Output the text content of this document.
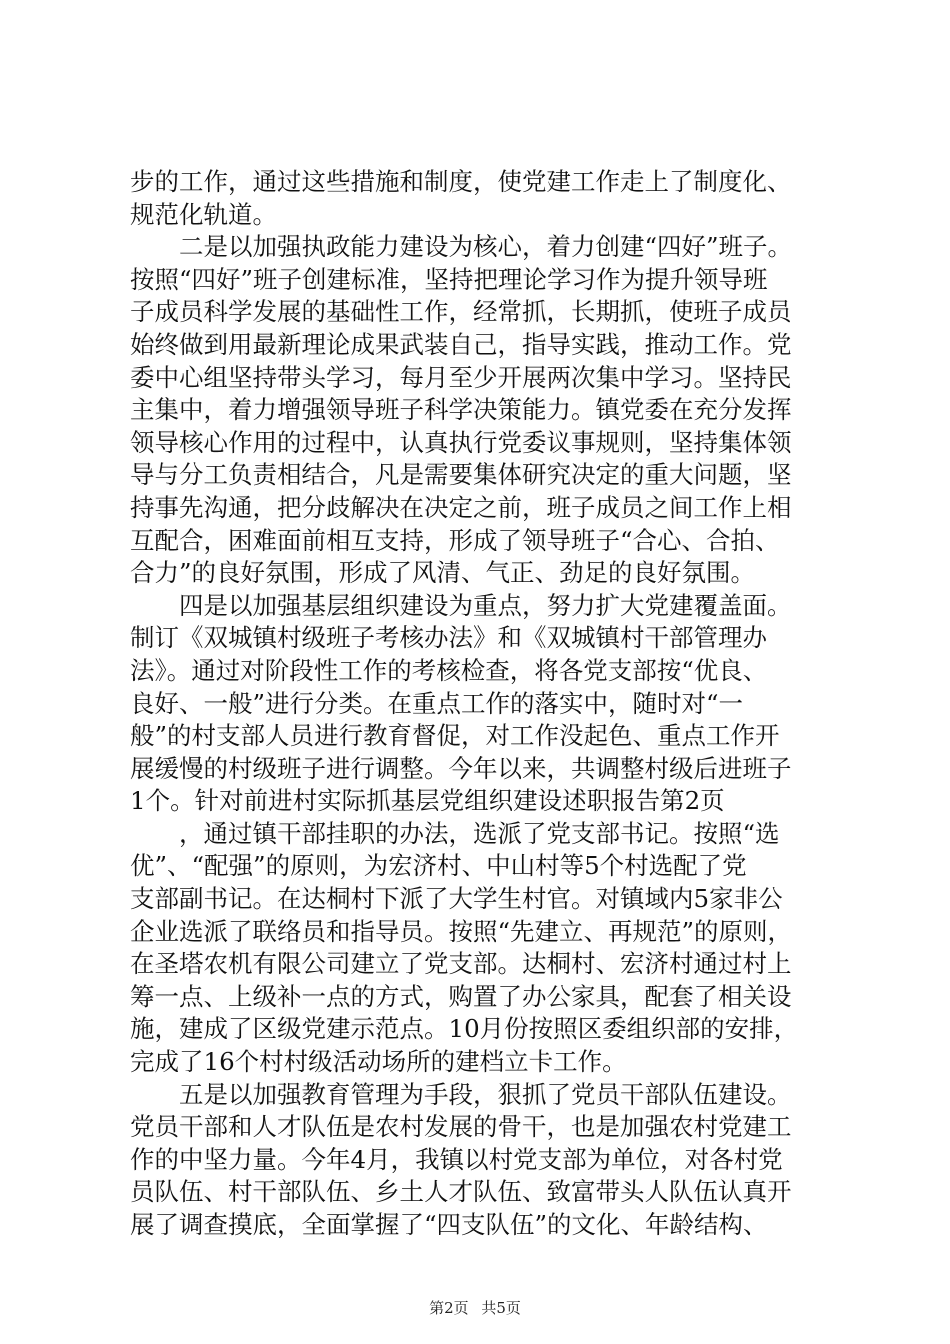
步的工作，通过这些措施和制度，使党建工作走上了制度化、
规范化轨道。
二是以加强执政能力建设为核心，着力创建“四好”班子。
按照“四好”班子创建标准，坚持把理论学习作为提升领导班
子成员科学发展的基础性工作，经常抓，长期抓，使班子成员
始终做到用最新理论成果武装自己，指导实践，推动工作。党
委中心组坚持带头学习，每月至少开展两次集中学习。坚持民
主集中，着力增强领导班子科学决策能力。镇党委在充分发挥
领导核心作用的过程中，认真执行党委议事规则，坚持集体领
导与分工负责相结合，凡是需要集体研究决定的重大问题，坚
持事先沟通，把分歧解决在决定之前，班子成员之间工作上相
互配合，困难面前相互支持，形成了领导班子“合心、合拍、
合力”的良好氛围，形成了风清、气正、劲足的良好氛围。
四是以加强基层组织建设为重点，努力扩大党建覆盖面。
制订《双城镇村级班子考核办法》和《双城镇村干部管理办
法》。通过对阶段性工作的考核检查，将各党支部按“优良、
良好、一般”进行分类。在重点工作的落实中，随时对“一
般”的村支部人员进行教育督促，对工作没起色、重点工作开
展缓慢的村级班子进行调整。今年以来，共调整村级后进班子
1个。针对前进村实际抓基层党组织建设述职报告第2页
，通过镇干部挂职的办法，选派了党支部书记。按照“选
优”、“配强”的原则，为宏济村、中山村等5个村选配了党
支部副书记。在达桐村下派了大学生村官。对镇域内5家非公
企业选派了联络员和指导员。按照“先建立、再规范”的原则，
在圣塔农机有限公司建立了党支部。达桐村、宏济村通过村上
筹一点、上级补一点的方式，购置了办公家具，配套了相关设
施，建成了区级党建示范点。10月份按照区委组织部的安排，
完成了16个村村级活动场所的建档立卡工作。
五是以加强教育管理为手段，狠抓了党员干部队伍建设。
党员干部和人才队伍是农村发展的骨干，也是加强农村党建工
作的中坚力量。今年4月，我镇以村党支部为单位，对各村党
员队伍、村干部队伍、乡土人才队伍、致富带头人队伍认真开
展了调查摸底，全面掌握了“四支队伍”的文化、年龄结构、
第2页 共5页
